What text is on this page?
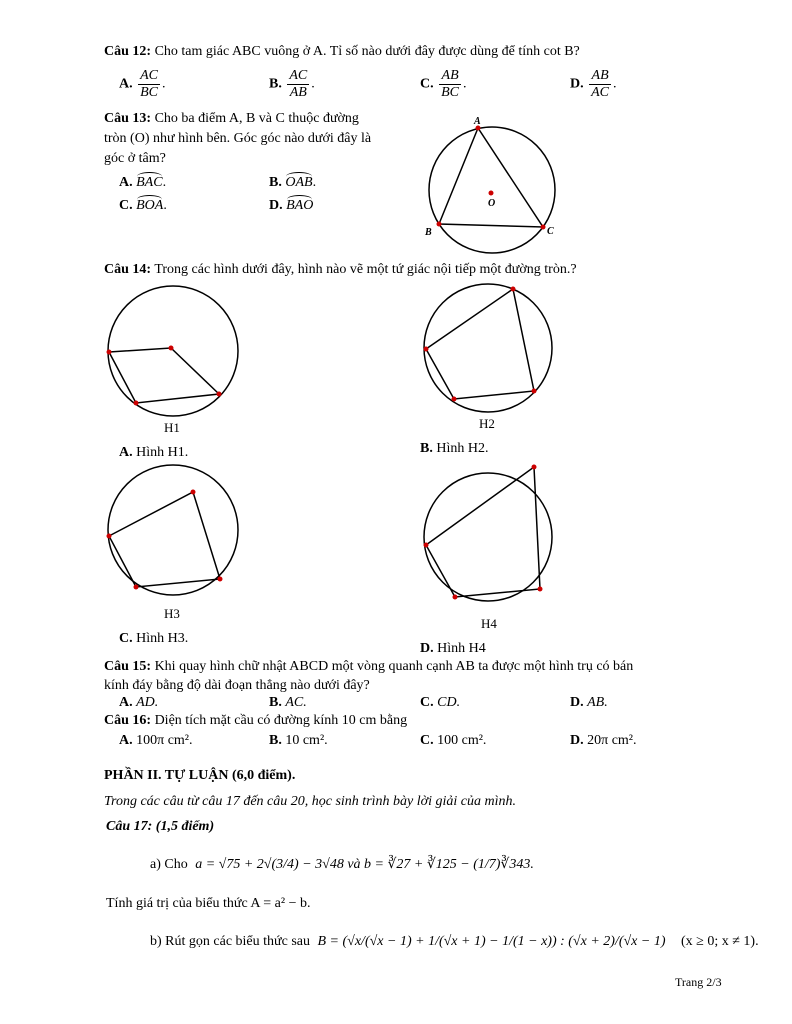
Câu 12: Cho tam giác ABC vuông ở A. Tỉ số nào dưới đây được dùng để tính cot B?
A. $\frac{AC}{BC}$ .	B. $\frac{AC}{AB}$ .	C. $\frac{AB}{BC}$ .	D. $\frac{AB}{AC}$ .
Câu 13: Cho ba điểm A, B và C thuộc đường
tròn (O) như hình bên. Góc góc nào dưới đây là
góc ở tâm?
A. BAC.	B. OAB.
C. BOA.	D. BAO
A
B	C
O
Câu 14: Trong các hình dưới đây, hình nào vẽ một tứ giác nội tiếp một đường tròn.?
H1	H2
H3
H4
A. Hình H1.	B. Hình H2.
C. Hình H3.
D. Hình H4
Câu 15: Khi quay hình chữ nhật ABCD một vòng quanh cạnh AB ta được một hình trụ có bán
kính đáy bằng độ dài đoạn thẳng nào dưới đây?
A. AD.	B. AC.	C. CD.	D. AB.
Câu 16: Diện tích mặt cầu có đường kính 10 cm bằng
A. 100π cm².	B. 10 cm².	C. 100 cm².	D. 20π cm².
PHẦN II. TỰ LUẬN (6,0 điểm).
Trong các câu từ câu 17 đến câu 20, học sinh trình bày lời giải của mình.
Câu 17: (1,5 điểm)
a) Cho a = √75 + 2√(3/4) − 3√48 và b = ∛27 + ∛125 − (1/7)∛343.
Tính giá trị của biểu thức A = a² − b.
b) Rút gọn các biểu thức sau B = (√x/(√x − 1) + 1/(√x + 1) − 1/(1 − x)) : (√x + 2)/(√x − 1) (x ≥ 0; x ≠ 1).
Trang 2/3
